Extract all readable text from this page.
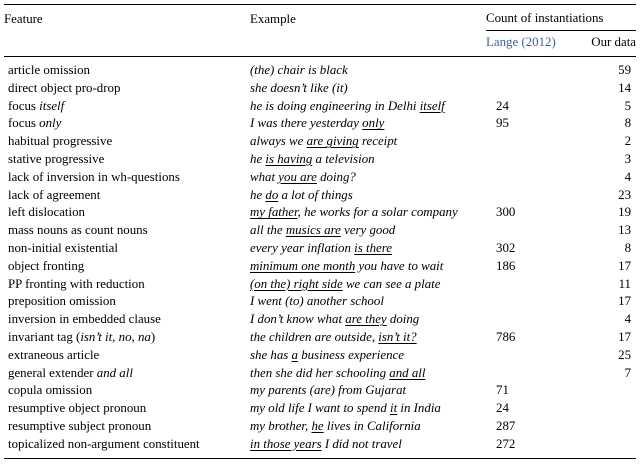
Feature	Example	Count of instantiations	
		Lange (2012)	Our data
article omission	(the) chair is black		59
direct object pro-drop	she doesn’t like (it)		14
focus itself	he is doing engineering in Delhi itself	24	5
focus only	I was there yesterday only	95	8
habitual progressive	always we are giving receipt		2
stative progressive	he is having a television		3
lack of inversion in wh-questions	what you are doing?		4
lack of agreement	he do a lot of things		23
left dislocation	my father, he works for a solar company	300	19
mass nouns as count nouns	all the musics are very good		13
non-initial existential	every year inflation is there	302	8
object fronting	minimum one month you have to wait	186	17
PP fronting with reduction	(on the) right side we can see a plate		11
preposition omission	I went (to) another school		17
inversion in embedded clause	I don’t know what are they doing		4
invariant tag (isn’t it, no, na)	the children are outside, isn’t it?	786	17
extraneous article	she has a business experience		25
general extender and all	then she did her schooling and all		7
copula omission	my parents (are) from Gujarat	71	
resumptive object pronoun	my old life I want to spend it in India	24	
resumptive subject pronoun	my brother, he lives in California	287	
topicalized non-argument constituent	in those years I did not travel	272	
